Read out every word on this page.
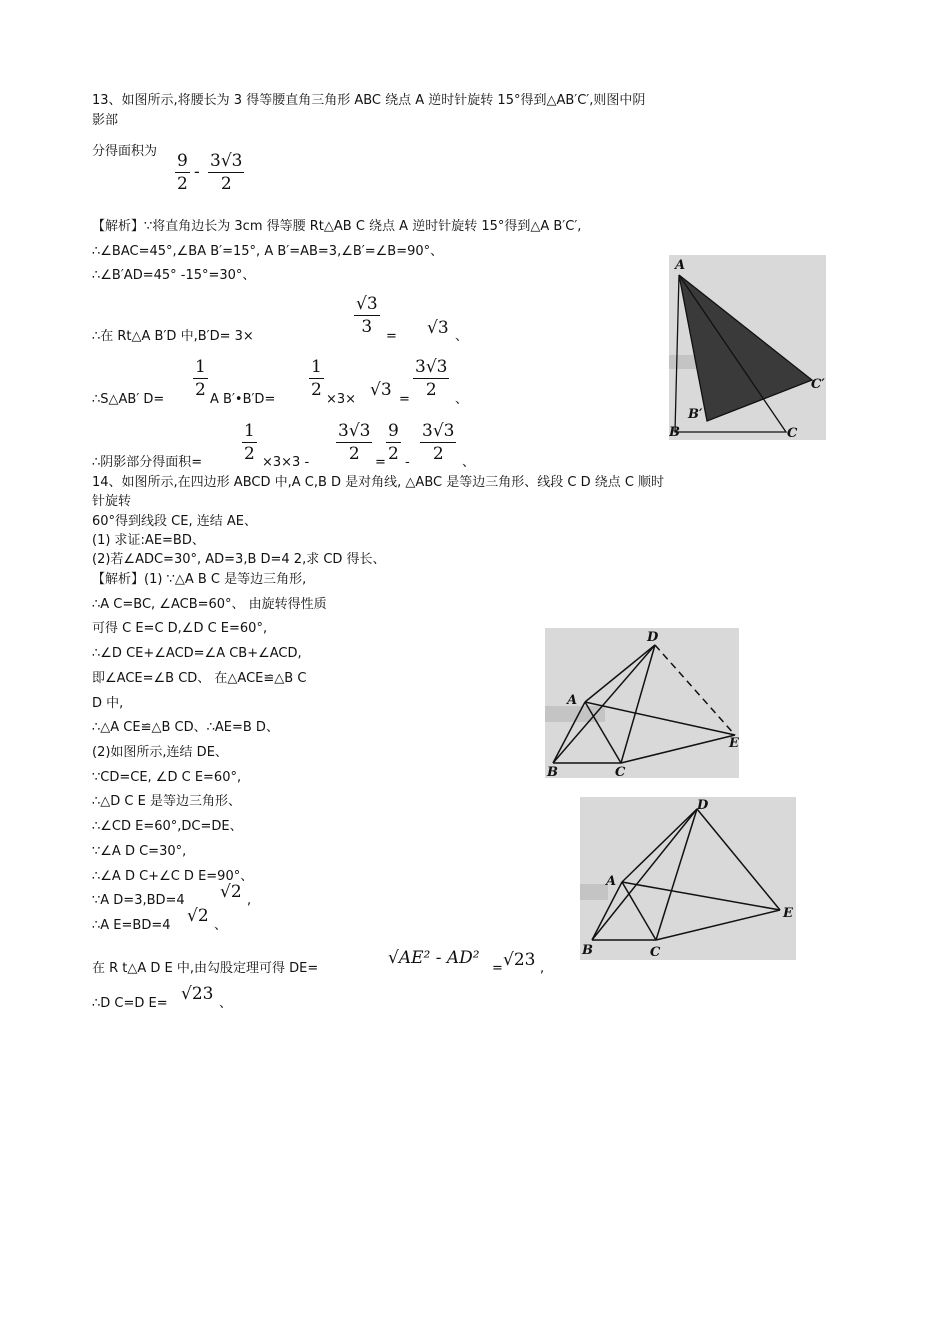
13、如图所示,将腰长为 3 得等腰直角三角形 ABC 绕点 A 逆时针旋转 15°得到△AB′C′,则图中阴
影部
分得面积为 $\frac{9}{2} - \frac{3√3}{2}$
【解析】∵将直角边长为 3cm 得等腰 Rt△AB C 绕点 A 逆时针旋转 15°得到△A B′C′,
∴∠BAC=45°,∠BA B′=15°, A B′=AB=3,∠B′=∠B=90°、
∴∠B′AD=45° -15°=30°、
∴在 Rt△A B′D 中,B′D= 3×	$\frac{√3}{3} = √3$ 、
∴S△AB′ $D= \frac{1}{2}$ A B′•B′D= $\frac{1}{2} \times 3\times √3 = \frac{3√3}{2}$ 、
∴阴影部分得面积= $\frac{1}{2} \times 3\times 3 - \frac{3√3}{2} = \frac{9}{2} - \frac{3√3}{2}$ 、
A
B′
B	C
C′
14、如图所示,在四边形 ABCD 中,A C,B D 是对角线, △ABC 是等边三角形、线段 C D 绕点 C 顺时
针旋转
60°得到线段 CE, 连结 AE、
(1) 求证:AE=BD、
(2)若∠ADC=30°, AD=3,B D=4 2,求 CD 得长、
【解析】(1) ∵△A B C 是等边三角形,
∴A C=BC, ∠ACB=60°、 由旋转得性质
可得 C E=C D,∠D C E=60°,
∴∠D CE+∠ACD=∠A CB+∠ACD,
即∠ACE=∠B CD、 在△ACE≌△B C
D 中,
∴△A CE≌△B CD、∴AE=B D、
(2)如图所示,连结 DE、
∵CD=CE, ∠D C E=60°,
∴△D C E 是等边三角形、
∴∠CD E=60°,DC=DE、
∵∠A D C=30°,
∴∠A D C+∠C D E=90°、
∵A D=3,BD=4 √2 ,
∴A E=BD=4 √2 、
在 R t△A D E 中,由勾股定理可得 DE=
√AE² - AD²
= √23 ,
∴D C=D E= √23 、
D
A
B	C
E
D
A
B	C
E
